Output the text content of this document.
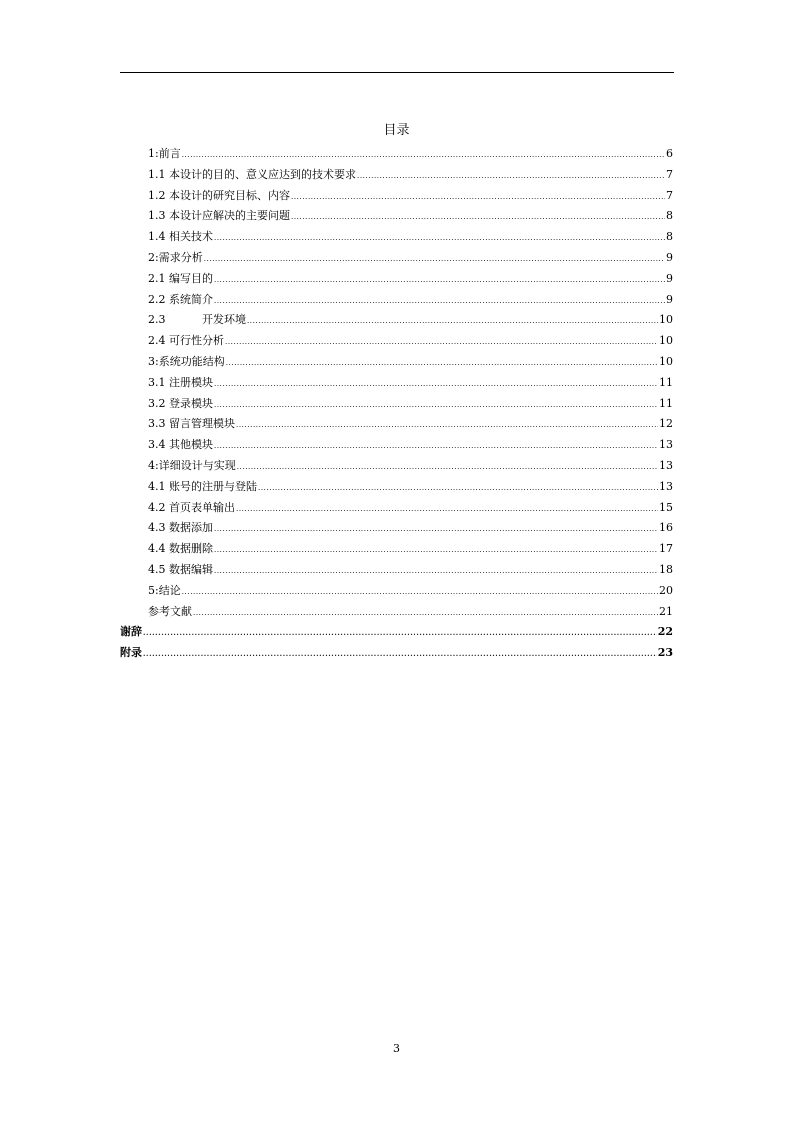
目录
1:前言 .....	6
1.1 本设计的目的、意义应达到的技术要求 .....	7
1.2 本设计的研究目标、内容 .....	7
1.3 本设计应解决的主要问题 .....	8
1.4 相关技术 .....	8
2:需求分析 .....	9
2.1 编写目的 .....	9
2.2 系统简介 .....	9
2.3	开发环境 .....	10
2.4 可行性分析 .....	10
3:系统功能结构 .....	10
3.1 注册模块 .....	11
3.2 登录模块 .....	11
3.3 留言管理模块 .....	12
3.4 其他模块 .....	13
4:详细设计与实现 .....	13
4.1 账号的注册与登陆 .....	13
4.2 首页表单输出 .....	15
4.3 数据添加 .....	16
4.4 数据删除 .....	17
4.5 数据编辑 .....	18
5:结论 .....	20
参考文献 .....	21
谢辞 .....	22
附录 .....	23
3
